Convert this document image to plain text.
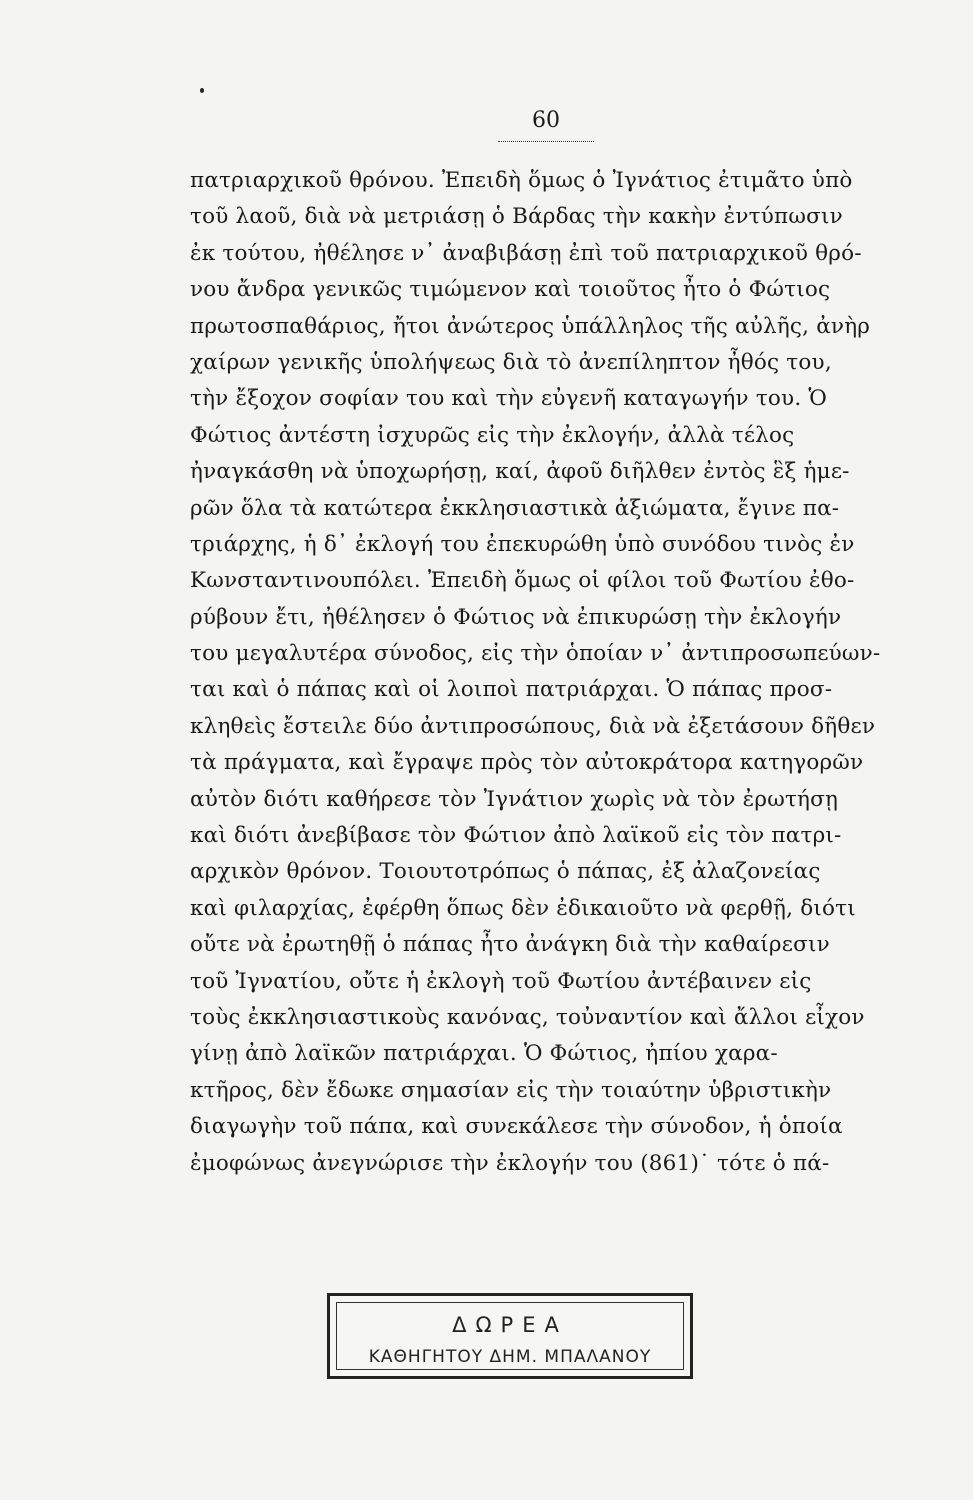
60
πατριαρχικοῦ θρόνου. Ἐπειδὴ ὅμως ὁ Ἰγνάτιος ἐτιμᾶτο ὑπὸ
τοῦ λαοῦ, διὰ νὰ μετριάσῃ ὁ Βάρδας τὴν κακὴν ἐντύπωσιν
ἐκ τούτου, ἠθέλησε ν᾽ ἀναβιβάσῃ ἐπὶ τοῦ πατριαρχικοῦ θρό-
νου ἄνδρα γενικῶς τιμώμενον καὶ τοιοῦτος ἦτο ὁ Φώτιος
πρωτοσπαθάριος, ἤτοι ἀνώτερος ὑπάλληλος τῆς αὐλῆς, ἀνὴρ
χαίρων γενικῆς ὑπολήψεως διὰ τὸ ἀνεπίληπτον ἦθός του,
τὴν ἔξοχον σοφίαν του καὶ τὴν εὐγενῆ καταγωγήν του. Ὁ
Φώτιος ἀντέστη ἰσχυρῶς εἰς τὴν ἐκλογήν, ἀλλὰ τέλος
ἠναγκάσθη νὰ ὑποχωρήσῃ, καί, ἀφοῦ διῆλθεν ἐντὸς ἓξ ἡμε-
ρῶν ὅλα τὰ κατώτερα ἐκκλησιαστικὰ ἀξιώματα, ἔγινε πα-
τριάρχης, ἡ δ᾽ ἐκλογή του ἐπεκυρώθη ὑπὸ συνόδου τινὸς ἐν
Κωνσταντινουπόλει. Ἐπειδὴ ὅμως οἱ φίλοι τοῦ Φωτίου ἐθο-
ρύβουν ἔτι, ἠθέλησεν ὁ Φώτιος νὰ ἐπικυρώσῃ τὴν ἐκλογήν
του μεγαλυτέρα σύνοδος, εἰς τὴν ὁποίαν ν᾽ ἀντιπροσωπεύων-
ται καὶ ὁ πάπας καὶ οἱ λοιποὶ πατριάρχαι. Ὁ πάπας προσ-
κληθεὶς ἔστειλε δύο ἀντιπροσώπους, διὰ νὰ ἐξετάσουν δῆθεν
τὰ πράγματα, καὶ ἔγραψε πρὸς τὸν αὐτοκράτορα κατηγορῶν
αὐτὸν διότι καθήρεσε τὸν Ἰγνάτιον χωρὶς νὰ τὸν ἐρωτήσῃ
καὶ διότι ἀνεβίβασε τὸν Φώτιον ἀπὸ λαϊκοῦ εἰς τὸν πατρι-
αρχικὸν θρόνον. Τοιουτοτρόπως ὁ πάπας, ἐξ ἀλαζονείας
καὶ φιλαρχίας, ἐφέρθη ὅπως δὲν ἐδικαιοῦτο νὰ φερθῇ, διότι
οὔτε νὰ ἐρωτηθῇ ὁ πάπας ἦτο ἀνάγκη διὰ τὴν καθαίρεσιν
τοῦ Ἰγνατίου, οὔτε ἡ ἐκλογὴ τοῦ Φωτίου ἀντέβαινεν εἰς
τοὺς ἐκκλησιαστικοὺς κανόνας, τοὐναντίον καὶ ἄλλοι εἶχον
γίνῃ ἀπὸ λαϊκῶν πατριάρχαι. Ὁ Φώτιος, ἠπίου χαρα-
κτῆρος, δὲν ἔδωκε σημασίαν εἰς τὴν τοιαύτην ὑβριστικὴν
διαγωγὴν τοῦ πάπα, καὶ συνεκάλεσε τὴν σύνοδον, ἡ ὁποία
ἐμοφώνως ἀνεγνώρισε τὴν ἐκλογήν του (861)˙ τότε ὁ πά-
ΔΩΡΕΑ
ΚΑΘΗΓΗΤΟΥ ΔΗΜ. ΜΠΑΛΑΝΟΥ
